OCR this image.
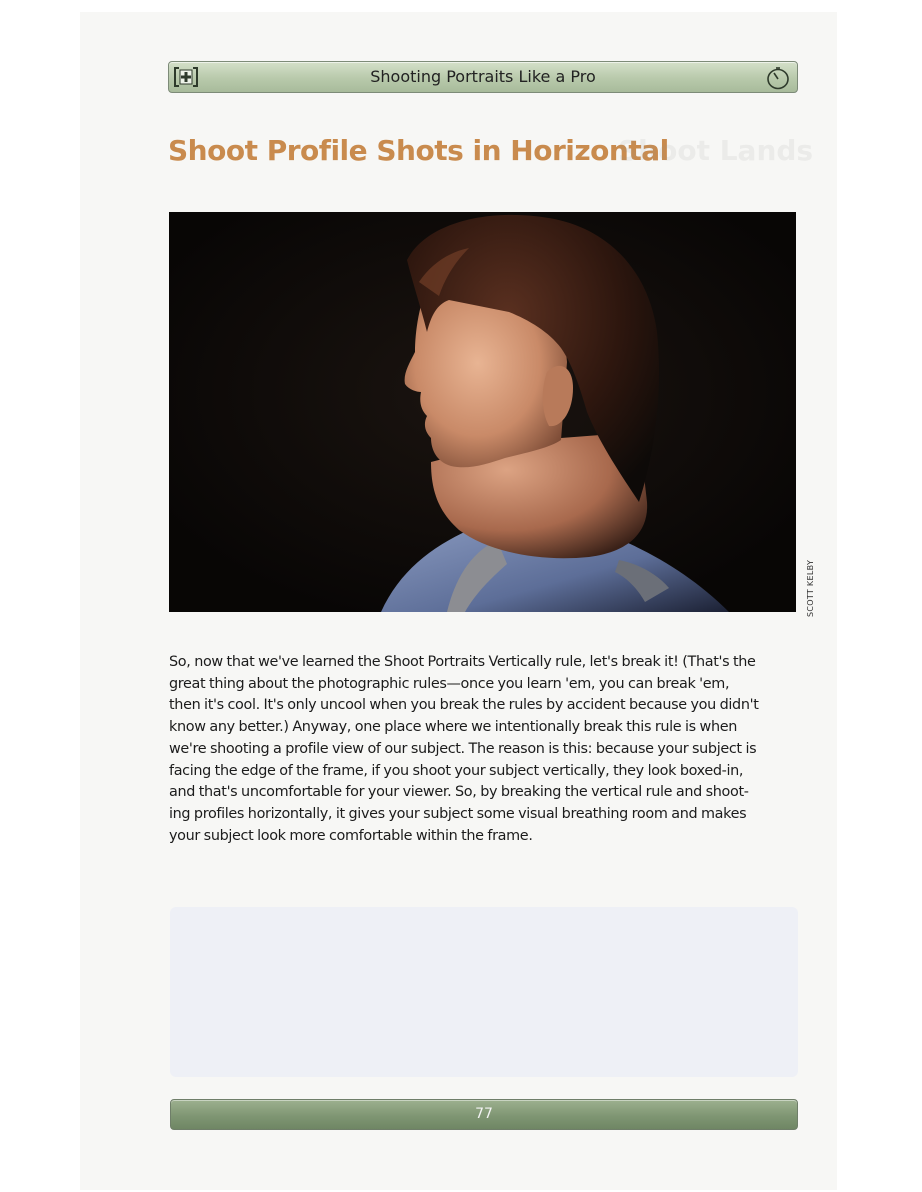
Shooting Portraits Like a Pro
Shoot Profile Shots in Horizontal
Shoot Lands
SCOTT KELBY
So, now that we've learned the Shoot Portraits Vertically rule, let's break it! (That's the
great thing about the photographic rules—once you learn 'em, you can break 'em,
then it's cool. It's only uncool when you break the rules by accident because you didn't
know any better.) Anyway, one place where we intentionally break this rule is when
we're shooting a profile view of our subject. The reason is this: because your subject is
facing the edge of the frame, if you shoot your subject vertically, they look boxed-in,
and that's uncomfortable for your viewer. So, by breaking the vertical rule and shoot-
ing profiles horizontally, it gives your subject some visual breathing room and makes
your subject look more comfortable within the frame.
77
